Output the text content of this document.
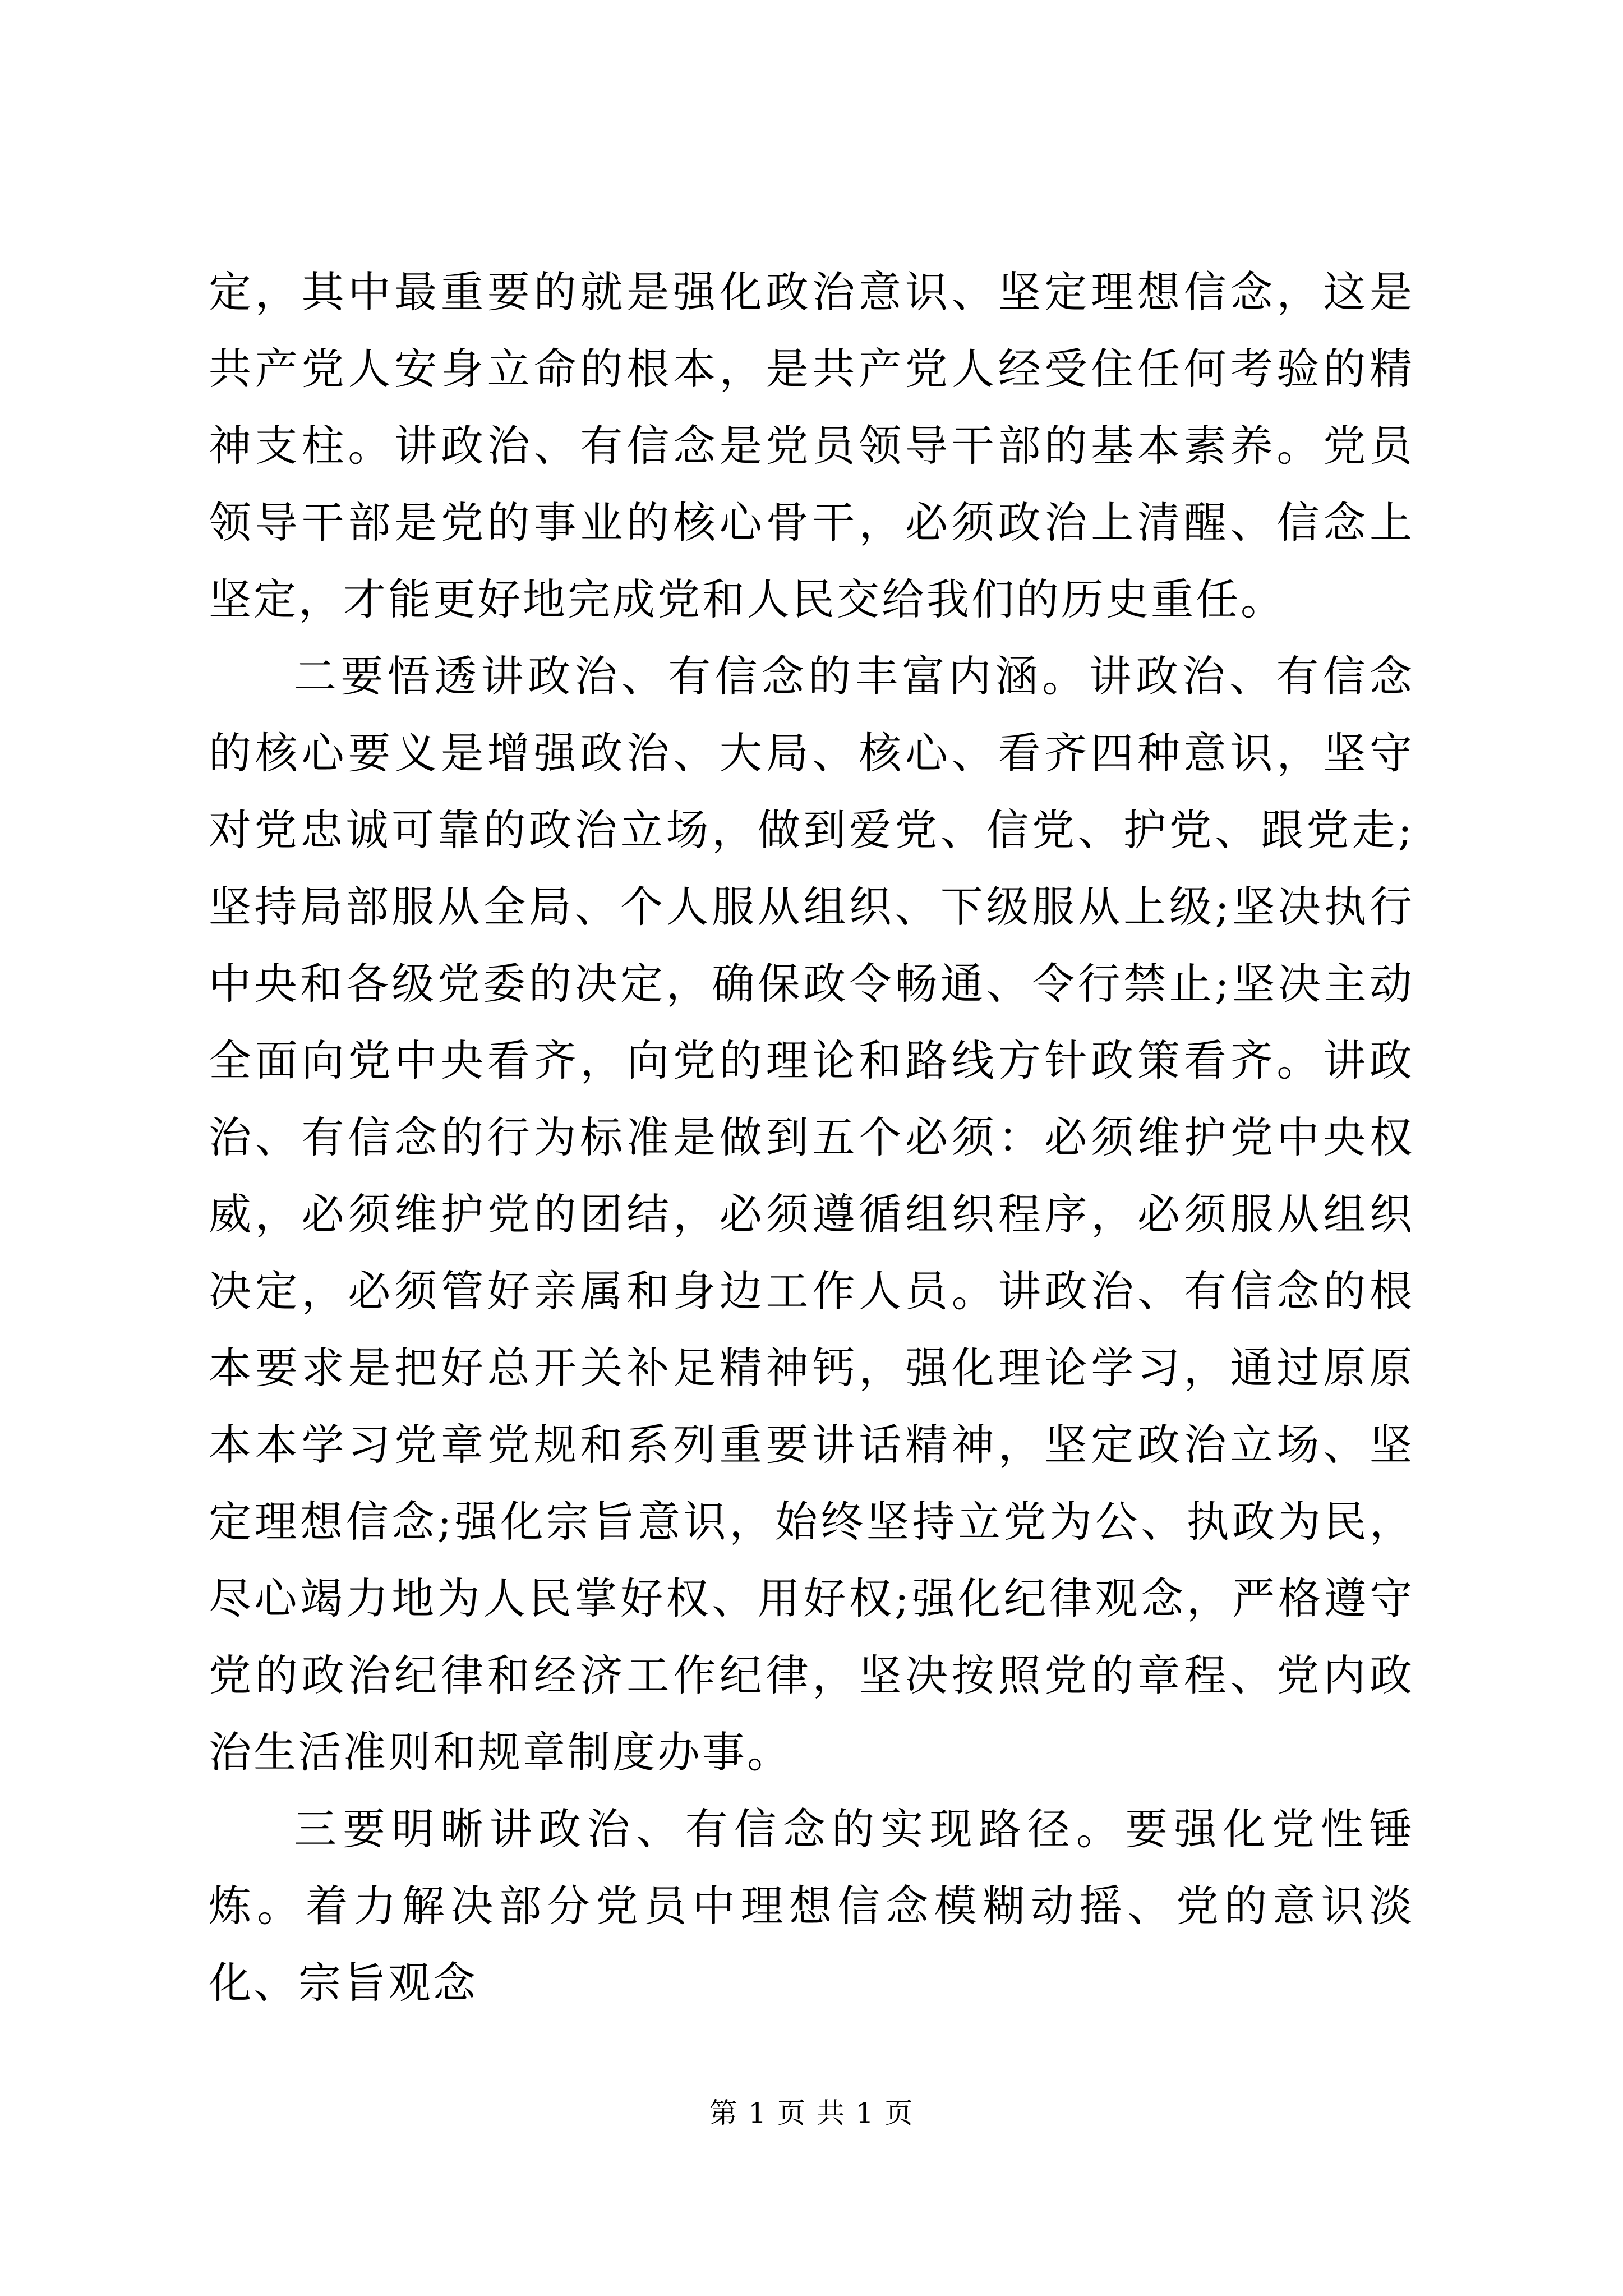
定，其中最重要的就是强化政治意识、坚定理想信念，这是共产党人安身立命的根本，是共产党人经受住任何考验的精神支柱。讲政治、有信念是党员领导干部的基本素养。党员领导干部是党的事业的核心骨干，必须政治上清醒、信念上坚定，才能更好地完成党和人民交给我们的历史重任。

二要悟透讲政治、有信念的丰富内涵。讲政治、有信念的核心要义是增强政治、大局、核心、看齐四种意识，坚守对党忠诚可靠的政治立场，做到爱党、信党、护党、跟党走;坚持局部服从全局、个人服从组织、下级服从上级;坚决执行中央和各级党委的决定，确保政令畅通、令行禁止;坚决主动全面向党中央看齐，向党的理论和路线方针政策看齐。讲政治、有信念的行为标准是做到五个必须：必须维护党中央权威，必须维护党的团结，必须遵循组织程序，必须服从组织决定，必须管好亲属和身边工作人员。讲政治、有信念的根本要求是把好总开关补足精神钙，强化理论学习，通过原原本本学习党章党规和系列重要讲话精神，坚定政治立场、坚定理想信念;强化宗旨意识，始终坚持立党为公、执政为民，尽心竭力地为人民掌好权、用好权;强化纪律观念，严格遵守党的政治纪律和经济工作纪律，坚决按照党的章程、党内政治生活准则和规章制度办事。

三要明晰讲政治、有信念的实现路径。要强化党性锤炼。着力解决部分党员中理想信念模糊动摇、党的意识淡化、宗旨观念

第 1 页 共 1 页
